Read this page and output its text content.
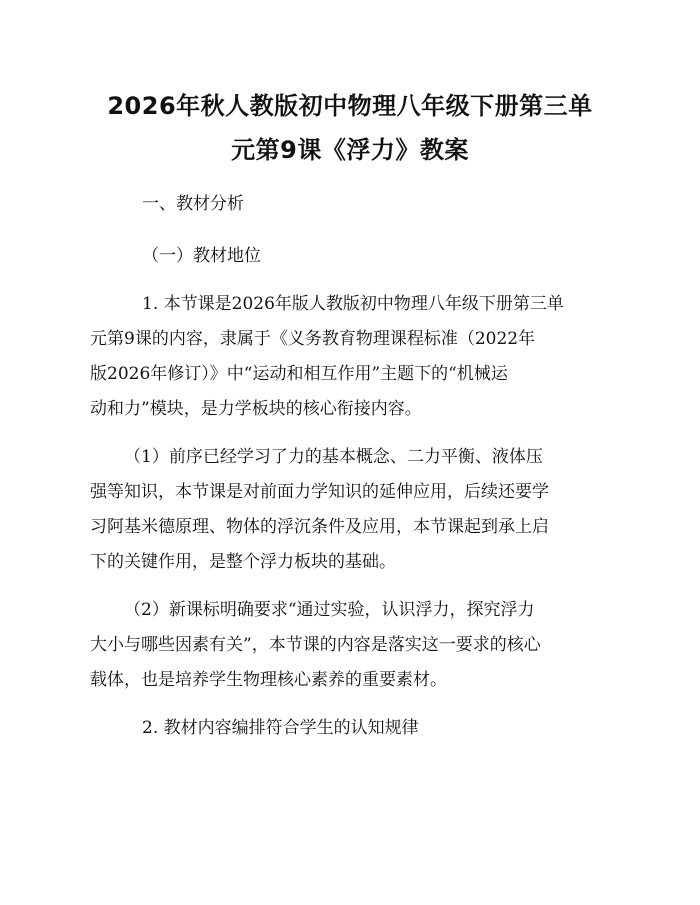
2026年秋人教版初中物理八年级下册第三单
元第9课《浮力》教案
一、教材分析
（一）教材地位
1. 本节课是2026年版人教版初中物理八年级下册第三单
元第9课的内容，隶属于《义务教育物理课程标准（2022年
版2026年修订）》中“运动和相互作用”主题下的“机械运
动和力”模块，是力学板块的核心衔接内容。
（1）前序已经学习了力的基本概念、二力平衡、液体压
强等知识，本节课是对前面力学知识的延伸应用，后续还要学
习阿基米德原理、物体的浮沉条件及应用，本节课起到承上启
下的关键作用，是整个浮力板块的基础。
（2）新课标明确要求“通过实验，认识浮力，探究浮力
大小与哪些因素有关”，本节课的内容是落实这一要求的核心
载体，也是培养学生物理核心素养的重要素材。
2. 教材内容编排符合学生的认知规律
